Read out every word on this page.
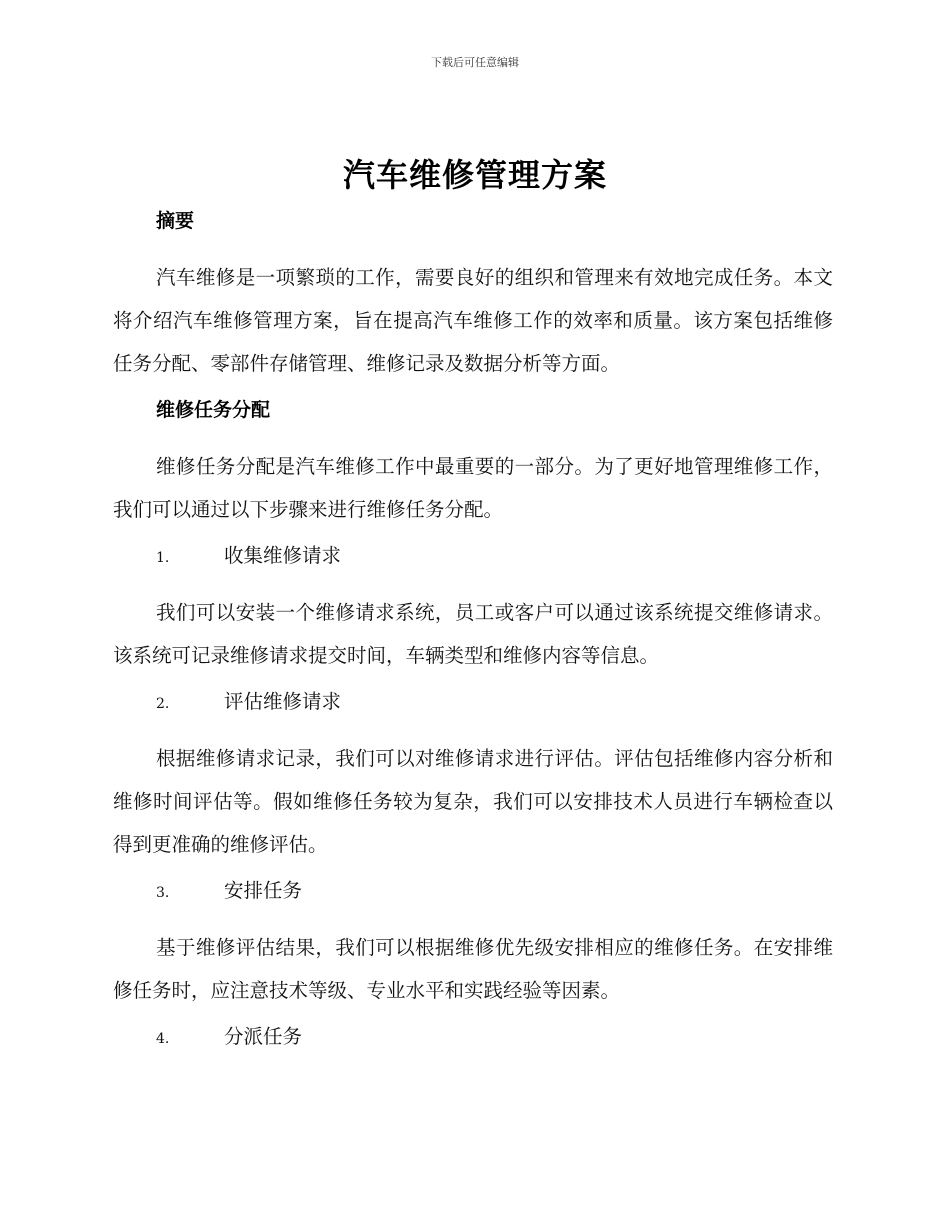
下载后可任意编辑
汽车维修管理方案
摘要

汽车维修是一项繁琐的工作，需要良好的组织和管理来有效地完成任务。本文将介绍汽车维修管理方案，旨在提高汽车维修工作的效率和质量。该方案包括维修任务分配、零部件存储管理、维修记录及数据分析等方面。

维修任务分配

维修任务分配是汽车维修工作中最重要的一部分。为了更好地管理维修工作，我们可以通过以下步骤来进行维修任务分配。

1.	收集维修请求

我们可以安装一个维修请求系统，员工或客户可以通过该系统提交维修请求。该系统可记录维修请求提交时间，车辆类型和维修内容等信息。

2.	评估维修请求

根据维修请求记录，我们可以对维修请求进行评估。评估包括维修内容分析和维修时间评估等。假如维修任务较为复杂，我们可以安排技术人员进行车辆检查以得到更准确的维修评估。

3.	安排任务

基于维修评估结果，我们可以根据维修优先级安排相应的维修任务。在安排维修任务时，应注意技术等级、专业水平和实践经验等因素。

4.	分派任务
